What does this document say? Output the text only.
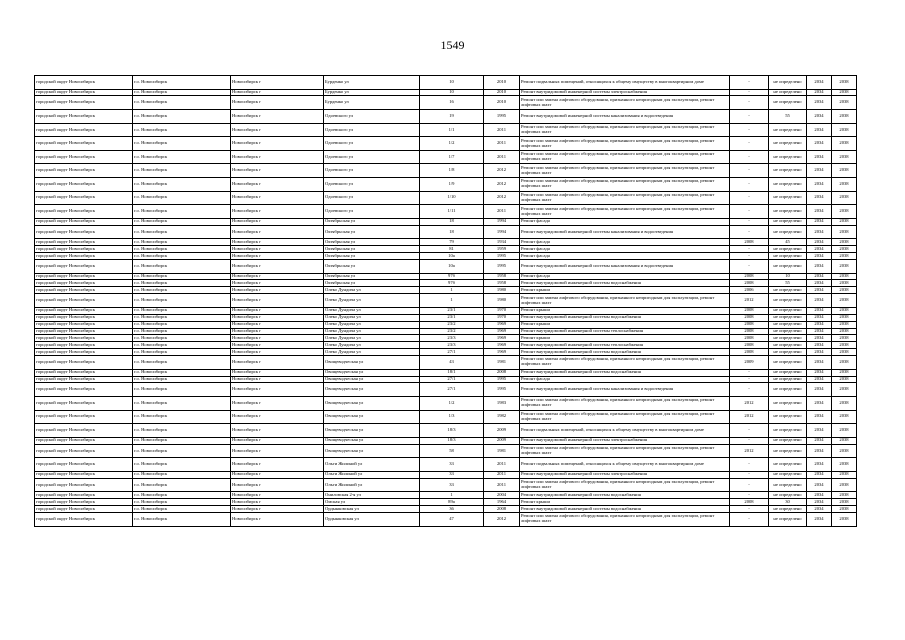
1549
городской округ Новосибирск	г.о. Новосибирск	Новосибирск г	Бурденко ул	10	2010	Ремонт подвальных помещений, относящихся к общему имуществу в многоквартирном доме	-	не определено	2034	2038
городской округ Новосибирск	г.о. Новосибирск	Новосибирск г	Бурденко ул	10	2010	Ремонт внутридомовой инженерной системы электроснабжения	-	не определено	2034	2038
городской округ Новосибирск	г.о. Новосибирск	Новосибирск г	Бурденко ул	16	2010	Ремонт или замена лифтового оборудования, признанного непригодным для эксплуатации, ремонт лифтовых шахт	-	не определено	2034	2038
городской округ Новосибирск	г.о. Новосибирск	Новосибирск г	Одоевского ул	19	1995	Ремонт внутридомовой инженерной системы канализования и водоотведения	-	55	2034	2038
городской округ Новосибирск	г.о. Новосибирск	Новосибирск г	Одоевского ул	1/1	2011	Ремонт или замена лифтового оборудования, признанного непригодным для эксплуатации, ремонт лифтовых шахт	-	не определено	2034	2038
городской округ Новосибирск	г.о. Новосибирск	Новосибирск г	Одоевского ул	1/2	2011	Ремонт или замена лифтового оборудования, признанного непригодным для эксплуатации, ремонт лифтовых шахт	-	не определено	2034	2038
городской округ Новосибирск	г.о. Новосибирск	Новосибирск г	Одоевского ул	1/7	2011	Ремонт или замена лифтового оборудования, признанного непригодным для эксплуатации, ремонт лифтовых шахт	-	не определено	2034	2038
городской округ Новосибирск	г.о. Новосибирск	Новосибирск г	Одоевского ул	1/8	2012	Ремонт или замена лифтового оборудования, признанного непригодным для эксплуатации, ремонт лифтовых шахт	-	не определено	2034	2038
городской округ Новосибирск	г.о. Новосибирск	Новосибирск г	Одоевского ул	1/9	2012	Ремонт или замена лифтового оборудования, признанного непригодным для эксплуатации, ремонт лифтовых шахт	-	не определено	2034	2038
городской округ Новосибирск	г.о. Новосибирск	Новосибирск г	Одоевского ул	1/10	2012	Ремонт или замена лифтового оборудования, признанного непригодным для эксплуатации, ремонт лифтовых шахт	-	не определено	2034	2038
городской округ Новосибирск	г.о. Новосибирск	Новосибирск г	Одоевского ул	1/11	2011	Ремонт или замена лифтового оборудования, признанного непригодным для эксплуатации, ремонт лифтовых шахт	-	не определено	2034	2038
городской округ Новосибирск	г.о. Новосибирск	Новосибирск г	Октябрьская ул	18	1994	Ремонт фасада	-	не определено	2034	2038
городской округ Новосибирск	г.о. Новосибирск	Новосибирск г	Октябрьская ул	18	1994	Ремонт внутридомовой инженерной системы канализования и водоотведения	-	не определено	2034	2038
городской округ Новосибирск	г.о. Новосибирск	Новосибирск г	Октябрьская ул	79	1934	Ремонт фасада	2008	45	2034	2038
городской округ Новосибирск	г.о. Новосибирск	Новосибирск г	Октябрьская ул	81	1959	Ремонт фасада	-	не определено	2034	2038
городской округ Новосибирск	г.о. Новосибирск	Новосибирск г	Октябрьская ул	10а	1995	Ремонт фасада	-	не определено	2034	2038
городской округ Новосибирск	г.о. Новосибирск	Новосибирск г	Октябрьская ул	10а	1995	Ремонт внутридомовой инженерной системы канализования и водоотведения	-	не определено	2034	2038
городской округ Новосибирск	г.о. Новосибирск	Новосибирск г	Октябрьская ул	97б	1958	Ремонт фасада	2008	10	2034	2038
городской округ Новосибирск	г.о. Новосибирск	Новосибирск г	Октябрьская ул	97б	1958	Ремонт внутридомовой инженерной системы водоснабжения	2008	55	2034	2038
городской округ Новосибирск	г.о. Новосибирск	Новосибирск г	Олеко Дундича ул	1	1980	Ремонт крыши	2006	не определено	2034	2038
городской округ Новосибирск	г.о. Новосибирск	Новосибирск г	Олеко Дундича ул	1	1980	Ремонт или замена лифтового оборудования, признанного непригодным для эксплуатации, ремонт лифтовых шахт	2012	не определено	2034	2038
городской округ Новосибирск	г.о. Новосибирск	Новосибирск г	Олеко Дундича ул	23/1	1970	Ремонт крыши	2008	не определено	2034	2038
городской округ Новосибирск	г.о. Новосибирск	Новосибирск г	Олеко Дундича ул	23/1	1970	Ремонт внутридомовой инженерной системы водоснабжения	2008	не определено	2034	2038
городской округ Новосибирск	г.о. Новосибирск	Новосибирск г	Олеко Дундича ул	23/2	1969	Ремонт крыши	2008	не определено	2034	2038
городской округ Новосибирск	г.о. Новосибирск	Новосибирск г	Олеко Дундича ул	23/2	1969	Ремонт внутридомовой инженерной системы теплоснабжения	2008	не определено	2034	2038
городской округ Новосибирск	г.о. Новосибирск	Новосибирск г	Олеко Дундича ул	23/3	1969	Ремонт крыши	2008	не определено	2034	2038
городской округ Новосибирск	г.о. Новосибирск	Новосибирск г	Олеко Дундича ул	23/3	1969	Ремонт внутридомовой инженерной системы теплоснабжения	2008	не определено	2034	2038
городской округ Новосибирск	г.о. Новосибирск	Новосибирск г	Олеко Дундича ул	27/1	1969	Ремонт внутридомовой инженерной системы водоснабжения	2008	не определено	2034	2038
городской округ Новосибирск	г.о. Новосибирск	Новосибирск г	Овощеводческая ул	43	1981	Ремонт или замена лифтового оборудования, признанного непригодным для эксплуатации, ремонт лифтовых шахт	2009	не определено	2034	2038
городской округ Новосибирск	г.о. Новосибирск	Новосибирск г	Овощеводческая ул	18/1	2008	Ремонт внутридомовой инженерной системы водоснабжения	-	не определено	2034	2038
городской округ Новосибирск	г.о. Новосибирск	Новосибирск г	Овощеводческая ул	27/1	1995	Ремонт фасада	-	не определено	2034	2038
городской округ Новосибирск	г.о. Новосибирск	Новосибирск г	Овощеводческая ул	27/1	1995	Ремонт внутридомовой инженерной системы канализования и водоотведения	-	не определено	2034	2038
городской округ Новосибирск	г.о. Новосибирск	Новосибирск г	Овощеводческая ул	1/2	1983	Ремонт или замена лифтового оборудования, признанного непригодным для эксплуатации, ремонт лифтовых шахт	2012	не определено	2034	2038
городской округ Новосибирск	г.о. Новосибирск	Новосибирск г	Овощеводческая ул	1/3	1982	Ремонт или замена лифтового оборудования, признанного непригодным для эксплуатации, ремонт лифтовых шахт	2012	не определено	2034	2038
городской округ Новосибирск	г.о. Новосибирск	Новосибирск г	Овощеводческая ул	18/3	2009	Ремонт подвальных помещений, относящихся к общему имуществу в многоквартирном доме	-	не определено	2034	2038
городской округ Новосибирск	г.о. Новосибирск	Новосибирск г	Овощеводческая ул	18/3	2009	Ремонт внутридомовой инженерной системы электроснабжения	-	не определено	2034	2038
городской округ Новосибирск	г.о. Новосибирск	Новосибирск г	Овощеводческая ул	58	1981	Ремонт или замена лифтового оборудования, признанного непригодным для эксплуатации, ремонт лифтовых шахт	2012	не определено	2034	2038
городской округ Новосибирск	г.о. Новосибирск	Новосибирск г	Ольги Жилиной ул	33	2011	Ремонт подвальных помещений, относящихся к общему имуществу в многоквартирном доме	-	не определено	2034	2038
городской округ Новосибирск	г.о. Новосибирск	Новосибирск г	Ольги Жилиной ул	33	2011	Ремонт внутридомовой инженерной системы электроснабжения	-	не определено	2034	2038
городской округ Новосибирск	г.о. Новосибирск	Новосибирск г	Ольги Жилиной ул	33	2011	Ремонт или замена лифтового оборудования, признанного непригодным для эксплуатации, ремонт лифтовых шахт	-	не определено	2034	2038
городской округ Новосибирск	г.о. Новосибирск	Новосибирск г	Ониловская 2-я ул	1	2004	Ремонт внутридомовой инженерной системы водоснабжения	-	не определено	2034	2038
городской округ Новосибирск	г.о. Новосибирск	Новосибирск г	Омская ул	89а	1964	Ремонт крыши	2008	30	2034	2038
городской округ Новосибирск	г.о. Новосибирск	Новосибирск г	Ордынковская ул	36	2008	Ремонт внутридомовой инженерной системы водоснабжения	-	не определено	2034	2038
городской округ Новосибирск	г.о. Новосибирск	Новосибирск г	Ордынковская ул	47	2012	Ремонт или замена лифтового оборудования, признанного непригодным для эксплуатации, ремонт лифтовых шахт	-	не определено	2034	2038
